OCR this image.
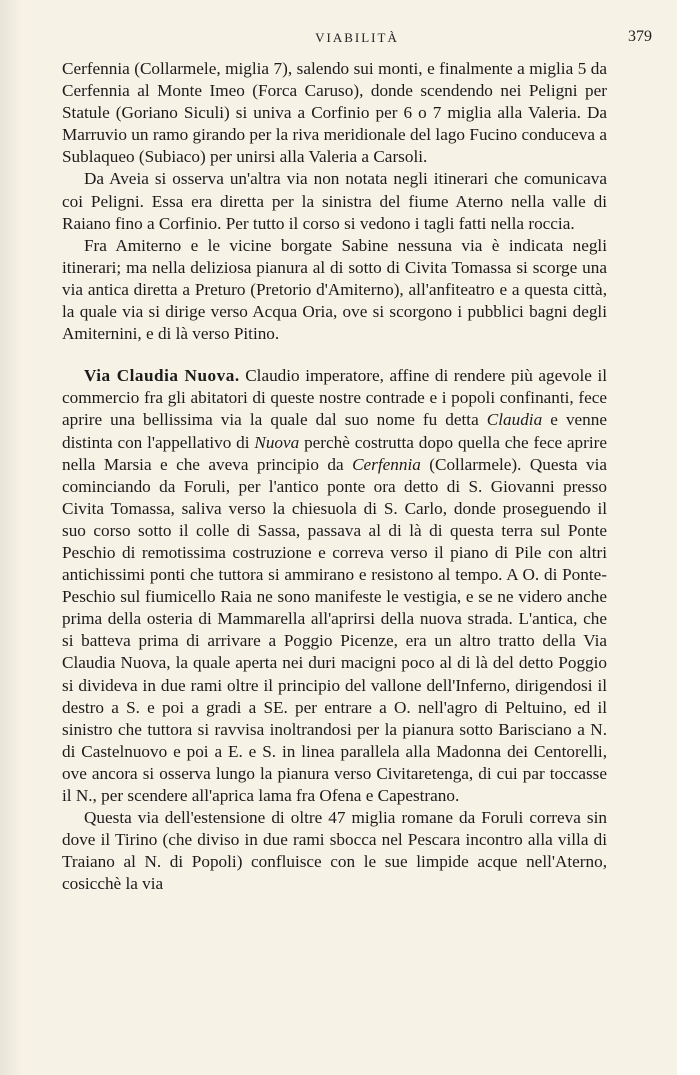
VIABILITÀ	379

Cerfennia (Collarmele, miglia 7), salendo sui monti, e finalmente a miglia 5 da Cerfennia al Monte Imeo (Forca Caruso), donde scendendo nei Peligni per Statule (Goriano Siculi) si univa a Corfinio per 6 o 7 miglia alla Valeria. Da Marruvio un ramo girando per la riva meridionale del lago Fucino conduceva a Sublaqueo (Subiaco) per unirsi alla Valeria a Carsoli.

Da Aveia si osserva un'altra via non notata negli itinerari che comunicava coi Peligni. Essa era diretta per la sinistra del fiume Aterno nella valle di Raiano fino a Corfinio. Per tutto il corso si vedono i tagli fatti nella roccia.

Fra Amiterno e le vicine borgate Sabine nessuna via è indicata negli itinerari; ma nella deliziosa pianura al di sotto di Civita Tomassa si scorge una via antica diretta a Preturo (Pretorio d'Amiterno), all'anfiteatro e a questa città, la quale via si dirige verso Acqua Oria, ove si scorgono i pubblici bagni degli Amiternini, e di là verso Pitino.

Via Claudia Nuova. Claudio imperatore, affine di rendere più agevole il commercio fra gli abitatori di queste nostre contrade e i popoli confinanti, fece aprire una bellissima via la quale dal suo nome fu detta Claudia e venne distinta con l'appellativo di Nuova perchè costrutta dopo quella che fece aprire nella Marsia e che aveva principio da Cerfennia (Collarmele). Questa via cominciando da Foruli, per l'antico ponte ora detto di S. Giovanni presso Civita Tomassa, saliva verso la chiesuola di S. Carlo, donde proseguendo il suo corso sotto il colle di Sassa, passava al di là di questa terra sul Ponte Peschio di remotissima costruzione e correva verso il piano di Pile con altri antichissimi ponti che tuttora si ammirano e resistono al tempo. A O. di Ponte-Peschio sul fiumicello Raia ne sono manifeste le vestigia, e se ne videro anche prima della osteria di Mammarella all'aprirsi della nuova strada. L'antica, che si batteva prima di arrivare a Poggio Picenze, era un altro tratto della Via Claudia Nuova, la quale aperta nei duri macigni poco al di là del detto Poggio si divideva in due rami oltre il principio del vallone dell'Inferno, dirigendosi il destro a S. e poi a gradi a SE. per entrare a O. nell'agro di Peltuino, ed il sinistro che tuttora si ravvisa inoltrandosi per la pianura sotto Barisciano a N. di Castelnuovo e poi a E. e S. in linea parallela alla Madonna dei Centorelli, ove ancora si osserva lungo la pianura verso Civitaretenga, di cui par toccasse il N., per scendere all'aprica lama fra Ofena e Capestrano.

Questa via dell'estensione di oltre 47 miglia romane da Foruli correva sin dove il Tirino (che diviso in due rami sbocca nel Pescara incontro alla villa di Traiano al N. di Popoli) confluisce con le sue limpide acque nell'Aterno, cosicchè la via
